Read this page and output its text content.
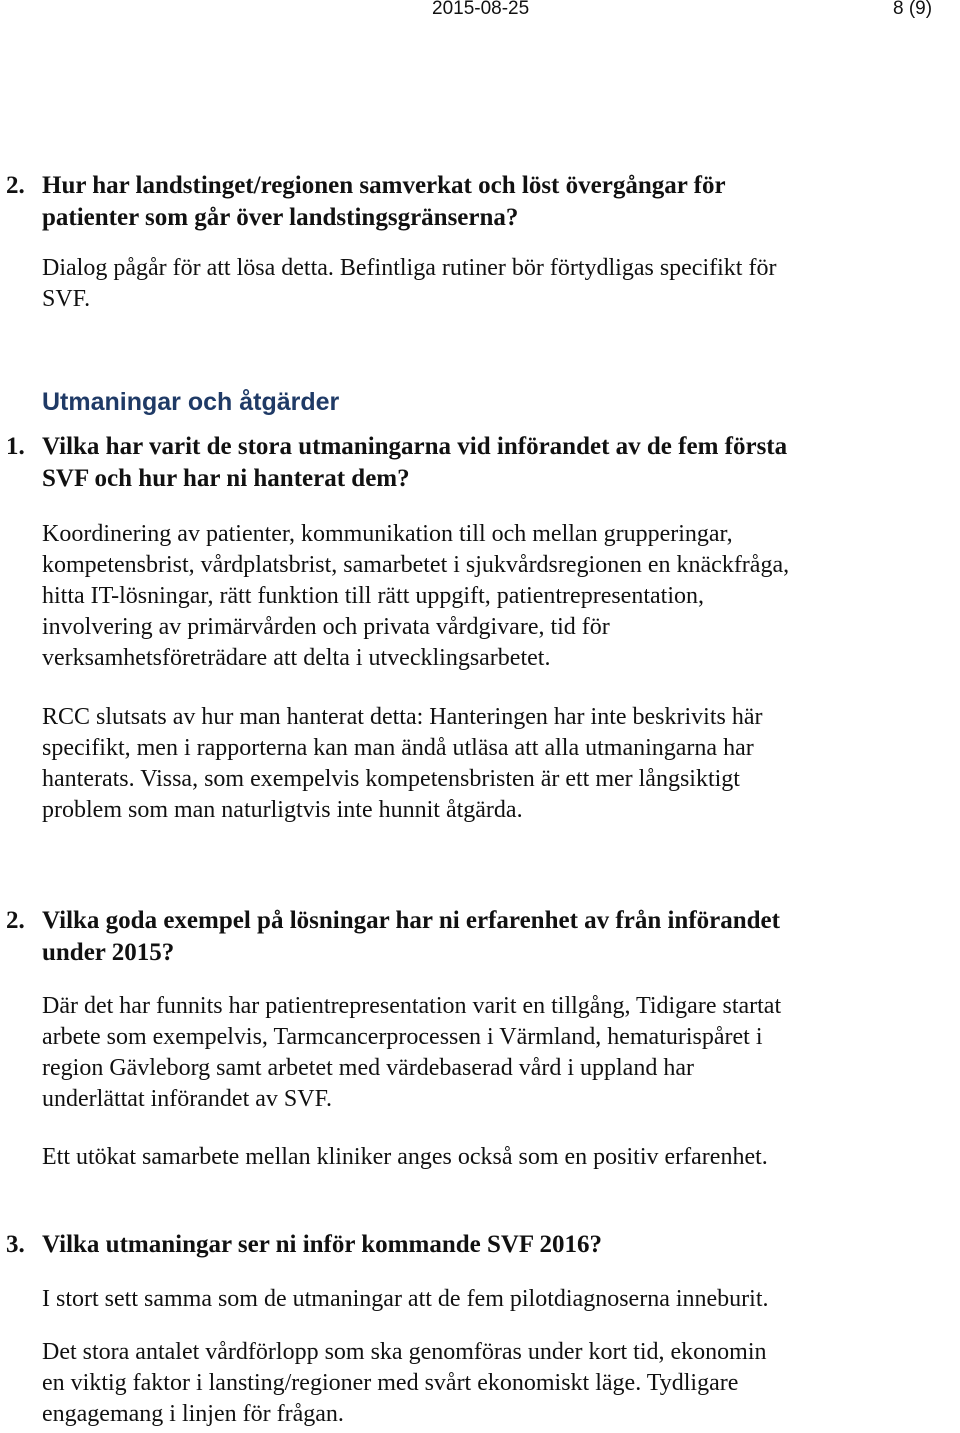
2015-08-25	8 (9)
2. Hur har landstinget/regionen samverkat och löst övergångar för
patienter som går över landstingsgränserna?
Dialog pågår för att lösa detta. Befintliga rutiner bör förtydligas specifikt för
SVF.
Utmaningar och åtgärder
1. Vilka har varit de stora utmaningarna vid införandet av de fem första
SVF och hur har ni hanterat dem?
Koordinering av patienter, kommunikation till och mellan grupperingar,
kompetensbrist, vårdplatsbrist, samarbetet i sjukvårdsregionen en knäckfråga,
hitta IT-lösningar, rätt funktion till rätt uppgift, patientrepresentation,
involvering av primärvården och privata vårdgivare, tid för
verksamhetsföreträdare att delta i utvecklingsarbetet.
RCC slutsats av hur man hanterat detta: Hanteringen har inte beskrivits här
specifikt, men i rapporterna kan man ändå utläsa att alla utmaningarna har
hanterats. Vissa, som exempelvis kompetensbristen är ett mer långsiktigt
problem som man naturligtvis inte hunnit åtgärda.
2. Vilka goda exempel på lösningar har ni erfarenhet av från införandet
under 2015?
Där det har funnits har patientrepresentation varit en tillgång, Tidigare startat
arbete som exempelvis, Tarmcancerprocessen i Värmland, hematurispåret i
region Gävleborg samt arbetet med värdebaserad vård i uppland har
underlättat införandet av SVF.
Ett utökat samarbete mellan kliniker anges också som en positiv erfarenhet.
3. Vilka utmaningar ser ni inför kommande SVF 2016?
I stort sett samma som de utmaningar att de fem pilotdiagnoserna inneburit.
Det stora antalet vårdförlopp som ska genomföras under kort tid, ekonomin
en viktig faktor i lansting/regioner med svårt ekonomiskt läge. Tydligare
engagemang i linjen för frågan.
